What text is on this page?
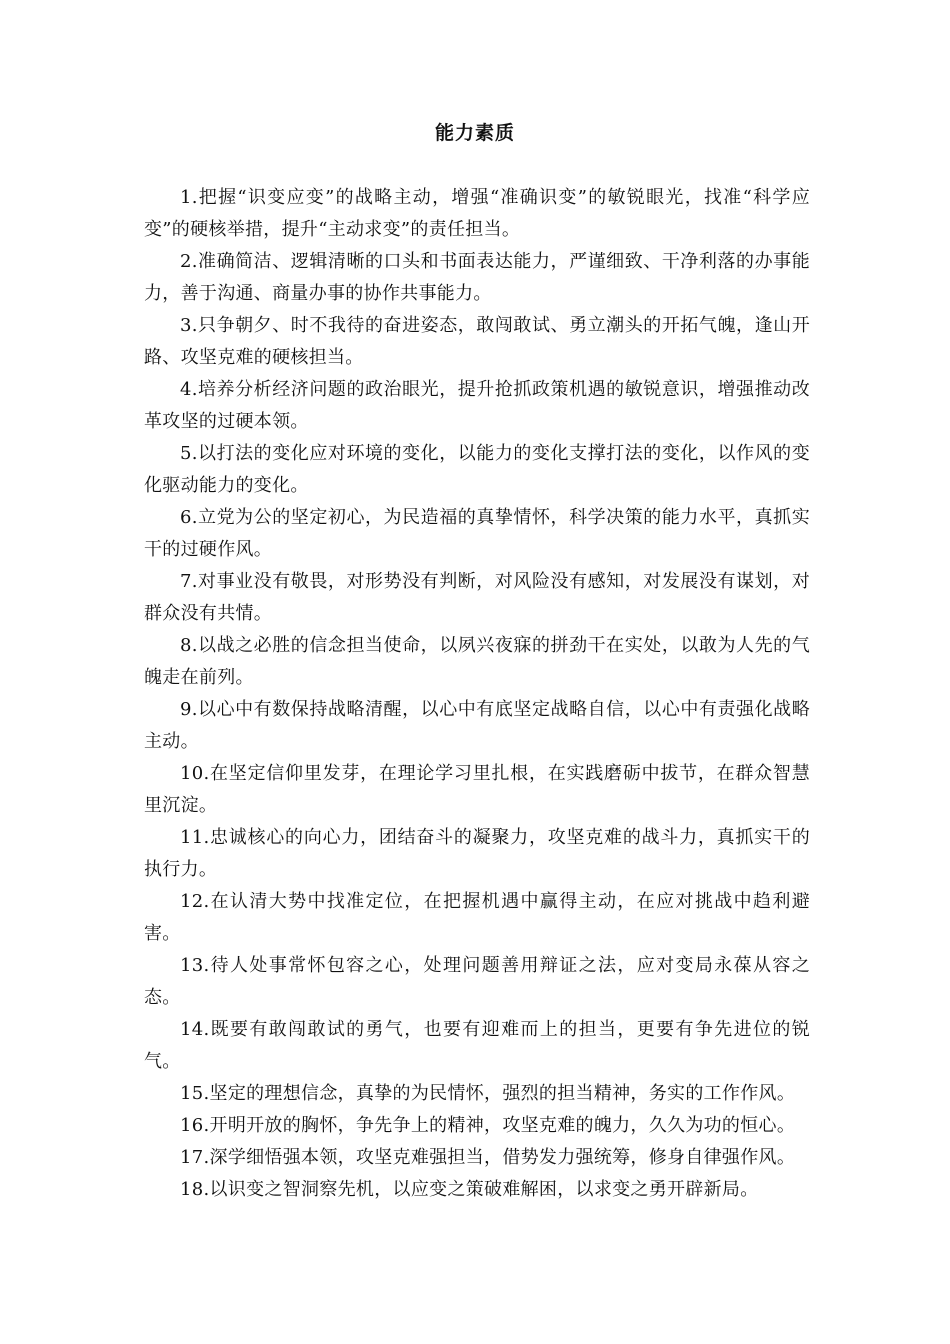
能力素质
1.把握“识变应变”的战略主动，增强“准确识变”的敏锐眼光，找准“科学应变”的硬核举措，提升“主动求变”的责任担当。
2.准确简洁、逻辑清晰的口头和书面表达能力，严谨细致、干净利落的办事能力，善于沟通、商量办事的协作共事能力。
3.只争朝夕、时不我待的奋进姿态，敢闯敢试、勇立潮头的开拓气魄，逢山开路、攻坚克难的硬核担当。
4.培养分析经济问题的政治眼光，提升抢抓政策机遇的敏锐意识，增强推动改革攻坚的过硬本领。
5.以打法的变化应对环境的变化，以能力的变化支撑打法的变化，以作风的变化驱动能力的变化。
6.立党为公的坚定初心，为民造福的真挚情怀，科学决策的能力水平，真抓实干的过硬作风。
7.对事业没有敬畏，对形势没有判断，对风险没有感知，对发展没有谋划，对群众没有共情。
8.以战之必胜的信念担当使命，以夙兴夜寐的拼劲干在实处，以敢为人先的气魄走在前列。
9.以心中有数保持战略清醒，以心中有底坚定战略自信，以心中有责强化战略主动。
10.在坚定信仰里发芽，在理论学习里扎根，在实践磨砺中拔节，在群众智慧里沉淀。
11.忠诚核心的向心力，团结奋斗的凝聚力，攻坚克难的战斗力，真抓实干的执行力。
12.在认清大势中找准定位，在把握机遇中赢得主动，在应对挑战中趋利避害。
13.待人处事常怀包容之心，处理问题善用辩证之法，应对变局永葆从容之态。
14.既要有敢闯敢试的勇气，也要有迎难而上的担当，更要有争先进位的锐气。
15.坚定的理想信念，真挚的为民情怀，强烈的担当精神，务实的工作作风。
16.开明开放的胸怀，争先争上的精神，攻坚克难的魄力，久久为功的恒心。
17.深学细悟强本领，攻坚克难强担当，借势发力强统筹，修身自律强作风。
18.以识变之智洞察先机，以应变之策破难解困，以求变之勇开辟新局。
